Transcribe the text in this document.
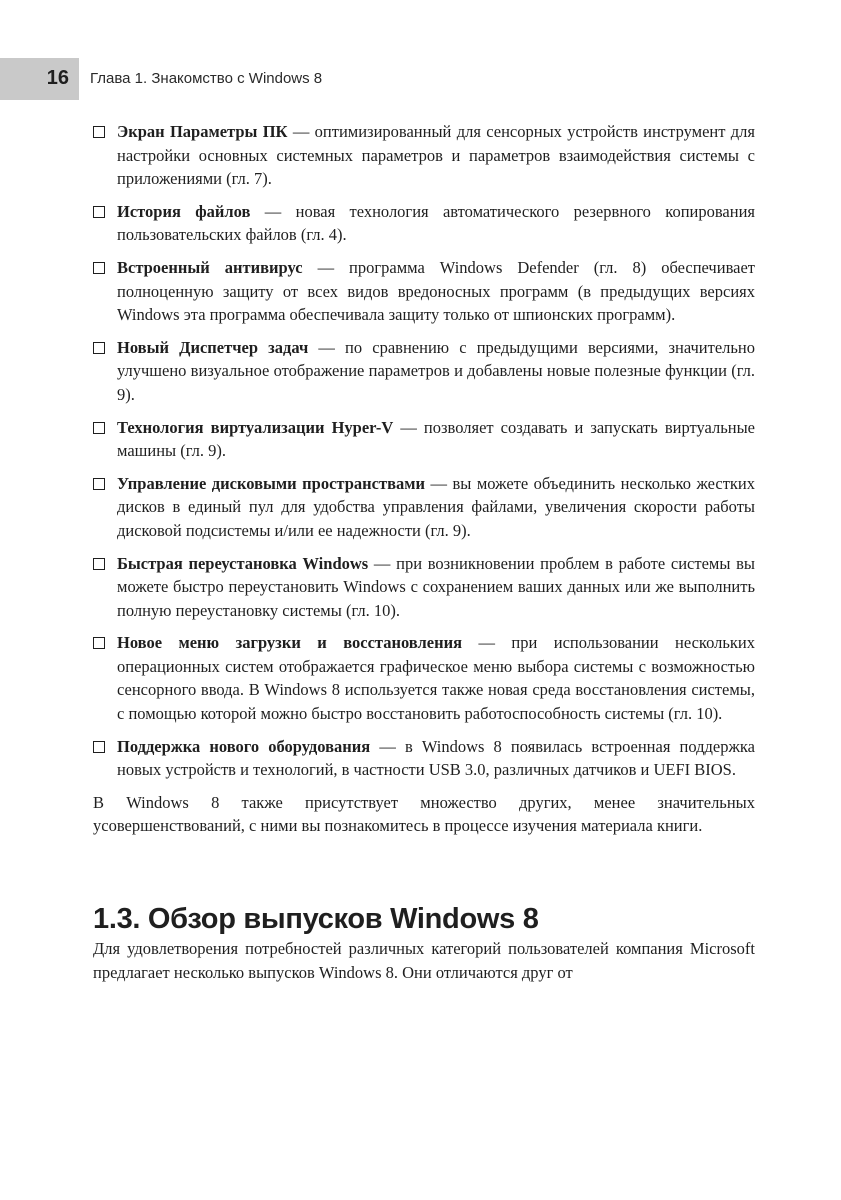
16 Глава 1. Знакомство с Windows 8
Экран Параметры ПК — оптимизированный для сенсорных устройств инструмент для настройки основных системных параметров и параметров взаимодействия системы с приложениями (гл. 7).
История файлов — новая технология автоматического резервного копирования пользовательских файлов (гл. 4).
Встроенный антивирус — программа Windows Defender (гл. 8) обеспечивает полноценную защиту от всех видов вредоносных программ (в предыдущих версиях Windows эта программа обеспечивала защиту только от шпионских программ).
Новый Диспетчер задач — по сравнению с предыдущими версиями, значительно улучшено визуальное отображение параметров и добавлены новые полезные функции (гл. 9).
Технология виртуализации Hyper-V — позволяет создавать и запускать виртуальные машины (гл. 9).
Управление дисковыми пространствами — вы можете объединить несколько жестких дисков в единый пул для удобства управления файлами, увеличения скорости работы дисковой подсистемы и/или ее надежности (гл. 9).
Быстрая переустановка Windows — при возникновении проблем в работе системы вы можете быстро переустановить Windows с сохранением ваших данных или же выполнить полную переустановку системы (гл. 10).
Новое меню загрузки и восстановления — при использовании нескольких операционных систем отображается графическое меню выбора системы с возможностью сенсорного ввода. В Windows 8 используется также новая среда восстановления системы, с помощью которой можно быстро восстановить работоспособность системы (гл. 10).
Поддержка нового оборудования — в Windows 8 появилась встроенная поддержка новых устройств и технологий, в частности USB 3.0, различных датчиков и UEFI BIOS.

В Windows 8 также присутствует множество других, менее значительных усовершенствований, с ними вы познакомитесь в процессе изучения материала книги.

1.3. Обзор выпусков Windows 8

Для удовлетворения потребностей различных категорий пользователей компания Microsoft предлагает несколько выпусков Windows 8. Они отличаются друг от
